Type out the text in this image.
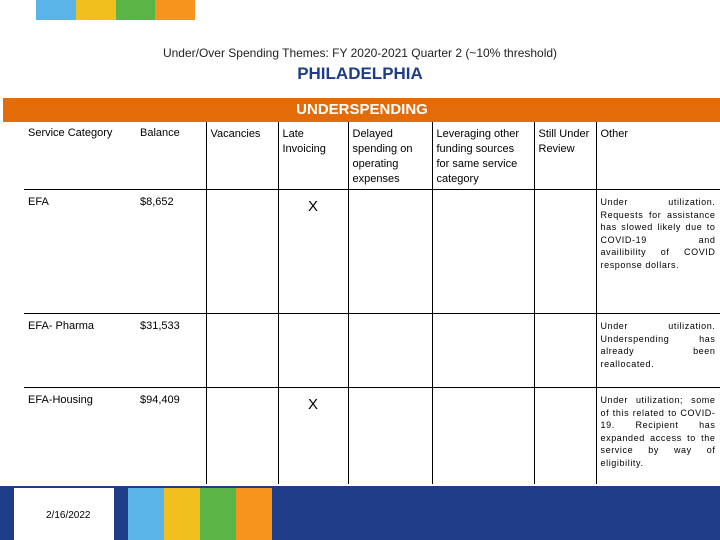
Under/Over Spending Themes: FY 2020-2021 Quarter 2 (~10% threshold)
PHILADELPHIA
UNDERSPENDING
Service Category	Balance	Vacancies	Late Invoicing	Delayed spending on operating expenses	Leveraging other funding sources for same service category	Still Under Review	Other
EFA	$8,652		X				Under utilization. Requests for assistance has slowed likely due to COVID-19 and availibility of COVID response dollars.

EFA- Pharma	$31,533						Under utilization. Underspending has already been reallocated.

EFA-Housing	$94,409		X				Under utilization; some of this related to COVID-19. Recipient has expanded access to the service by way of eligibility.
2/16/2022
4
